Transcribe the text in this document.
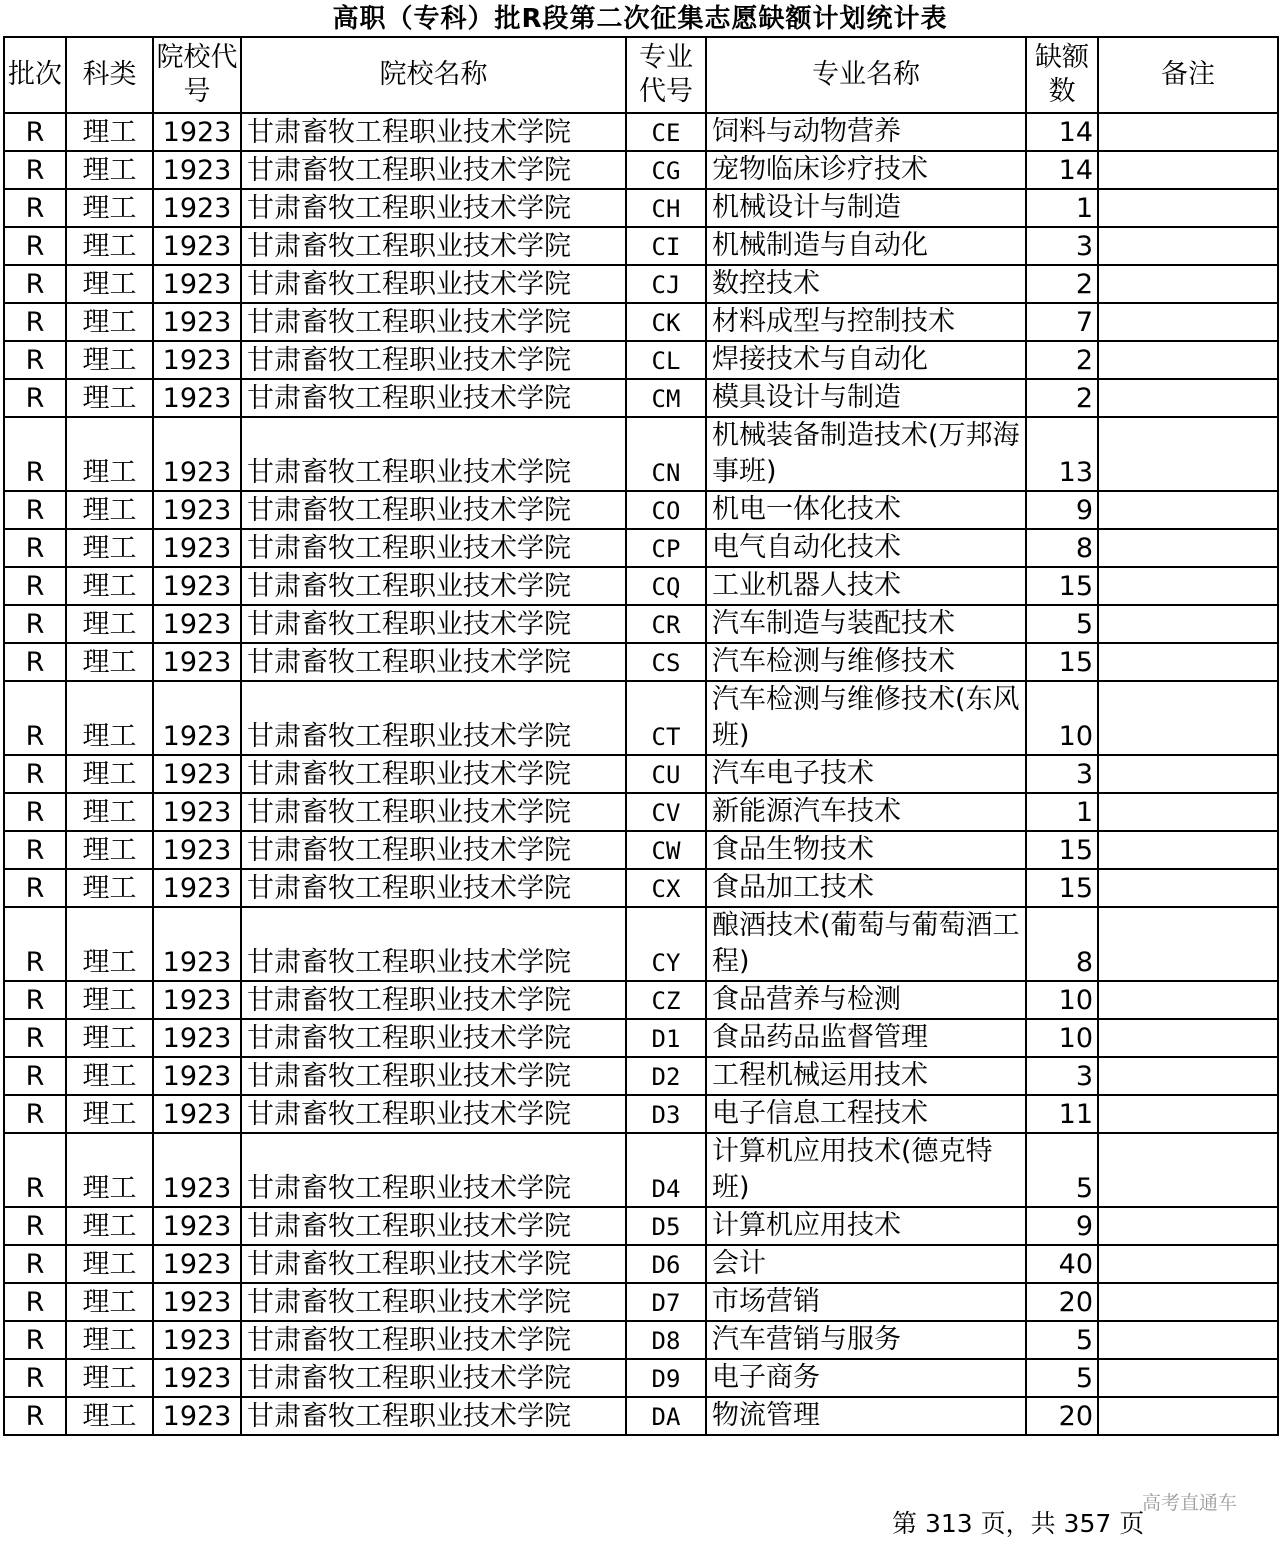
高职（专科）批R段第二次征集志愿缺额计划统计表
批次	科类	院校代号	院校名称	专业代号	专业名称	缺额数	备注
R	理工	1923	甘肃畜牧工程职业技术学院	CE	饲料与动物营养	14	
R	理工	1923	甘肃畜牧工程职业技术学院	CG	宠物临床诊疗技术	14	
R	理工	1923	甘肃畜牧工程职业技术学院	CH	机械设计与制造	1	
R	理工	1923	甘肃畜牧工程职业技术学院	CI	机械制造与自动化	3	
R	理工	1923	甘肃畜牧工程职业技术学院	CJ	数控技术	2	
R	理工	1923	甘肃畜牧工程职业技术学院	CK	材料成型与控制技术	7	
R	理工	1923	甘肃畜牧工程职业技术学院	CL	焊接技术与自动化	2	
R	理工	1923	甘肃畜牧工程职业技术学院	CM	模具设计与制造	2	
R	理工	1923	甘肃畜牧工程职业技术学院	CN	机械装备制造技术(万邦海事班)	13	
R	理工	1923	甘肃畜牧工程职业技术学院	CO	机电一体化技术	9	
R	理工	1923	甘肃畜牧工程职业技术学院	CP	电气自动化技术	8	
R	理工	1923	甘肃畜牧工程职业技术学院	CQ	工业机器人技术	15	
R	理工	1923	甘肃畜牧工程职业技术学院	CR	汽车制造与装配技术	5	
R	理工	1923	甘肃畜牧工程职业技术学院	CS	汽车检测与维修技术	15	
R	理工	1923	甘肃畜牧工程职业技术学院	CT	汽车检测与维修技术(东风班)	10	
R	理工	1923	甘肃畜牧工程职业技术学院	CU	汽车电子技术	3	
R	理工	1923	甘肃畜牧工程职业技术学院	CV	新能源汽车技术	1	
R	理工	1923	甘肃畜牧工程职业技术学院	CW	食品生物技术	15	
R	理工	1923	甘肃畜牧工程职业技术学院	CX	食品加工技术	15	
R	理工	1923	甘肃畜牧工程职业技术学院	CY	酿酒技术(葡萄与葡萄酒工程)	8	
R	理工	1923	甘肃畜牧工程职业技术学院	CZ	食品营养与检测	10	
R	理工	1923	甘肃畜牧工程职业技术学院	D1	食品药品监督管理	10	
R	理工	1923	甘肃畜牧工程职业技术学院	D2	工程机械运用技术	3	
R	理工	1923	甘肃畜牧工程职业技术学院	D3	电子信息工程技术	11	
R	理工	1923	甘肃畜牧工程职业技术学院	D4	计算机应用技术(德克特班)	5	
R	理工	1923	甘肃畜牧工程职业技术学院	D5	计算机应用技术	9	
R	理工	1923	甘肃畜牧工程职业技术学院	D6	会计	40	
R	理工	1923	甘肃畜牧工程职业技术学院	D7	市场营销	20	
R	理工	1923	甘肃畜牧工程职业技术学院	D8	汽车营销与服务	5	
R	理工	1923	甘肃畜牧工程职业技术学院	D9	电子商务	5	
R	理工	1923	甘肃畜牧工程职业技术学院	DA	物流管理	20	
高考直通车
第 313 页，共 357 页
